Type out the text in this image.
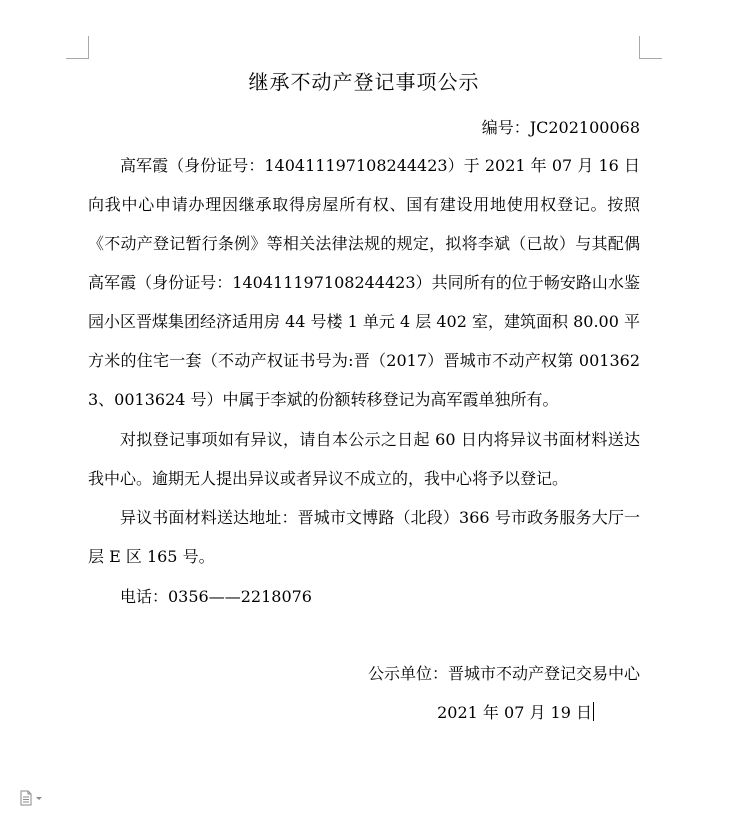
继承不动产登记事项公示

编号：JC202100068

高军霞（身份证号：140411197108244423）于 2021 年 07 月 16 日向我中心申请办理因继承取得房屋所有权、国有建设用地使用权登记。按照《不动产登记暂行条例》等相关法律法规的规定，拟将李斌（已故）与其配偶高军霞（身份证号：140411197108244423）共同所有的位于畅安路山水鉴园小区晋煤集团经济适用房 44 号楼 1 单元 4 层 402 室，建筑面积 80.00 平方米的住宅一套（不动产权证书号为:晋（2017）晋城市不动产权第 0013623、0013624 号）中属于李斌的份额转移登记为高军霞单独所有。

对拟登记事项如有异议，请自本公示之日起 60 日内将异议书面材料送达我中心。逾期无人提出异议或者异议不成立的，我中心将予以登记。

异议书面材料送达地址：晋城市文博路（北段）366 号市政务服务大厅一层 E 区 165 号。

电话：0356——2218076

公示单位：晋城市不动产登记交易中心

2021 年 07 月 19 日
